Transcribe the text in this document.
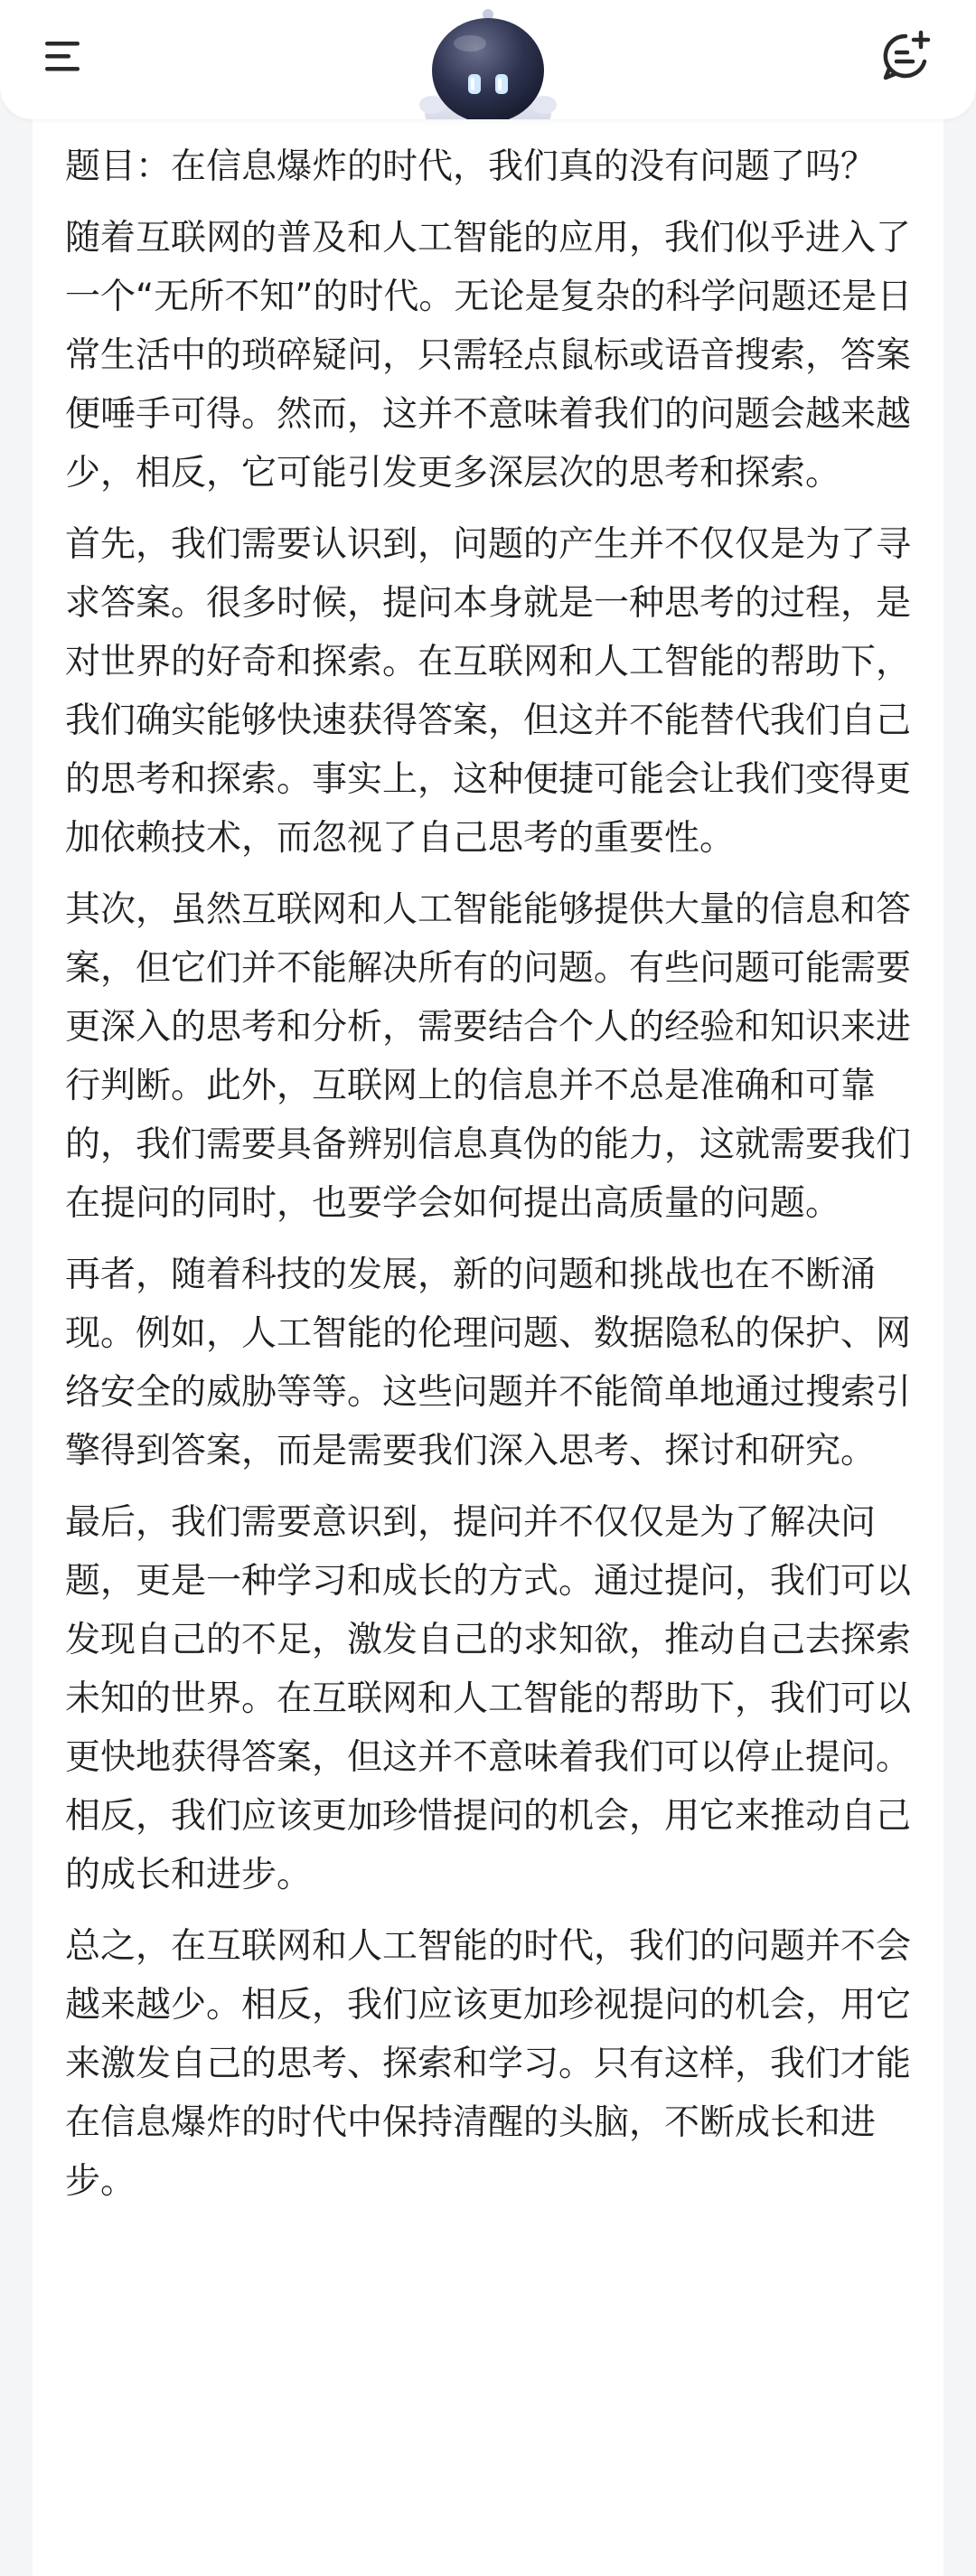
题目：在信息爆炸的时代，我们真的没有问题了吗？

随着互联网的普及和人工智能的应用，我们似乎进入了一个“无所不知”的时代。无论是复杂的科学问题还是日常生活中的琐碎疑问，只需轻点鼠标或语音搜索，答案便唾手可得。然而，这并不意味着我们的问题会越来越少，相反，它可能引发更多深层次的思考和探索。

首先，我们需要认识到，问题的产生并不仅仅是为了寻求答案。很多时候，提问本身就是一种思考的过程，是对世界的好奇和探索。在互联网和人工智能的帮助下，我们确实能够快速获得答案，但这并不能替代我们自己的思考和探索。事实上，这种便捷可能会让我们变得更加依赖技术，而忽视了自己思考的重要性。

其次，虽然互联网和人工智能能够提供大量的信息和答案，但它们并不能解决所有的问题。有些问题可能需要更深入的思考和分析，需要结合个人的经验和知识来进行判断。此外，互联网上的信息并不总是准确和可靠的，我们需要具备辨别信息真伪的能力，这就需要我们在提问的同时，也要学会如何提出高质量的问题。

再者，随着科技的发展，新的问题和挑战也在不断涌现。例如，人工智能的伦理问题、数据隐私的保护、网络安全的威胁等等。这些问题并不能简单地通过搜索引擎得到答案，而是需要我们深入思考、探讨和研究。

最后，我们需要意识到，提问并不仅仅是为了解决问题，更是一种学习和成长的方式。通过提问，我们可以发现自己的不足，激发自己的求知欲，推动自己去探索未知的世界。在互联网和人工智能的帮助下，我们可以更快地获得答案，但这并不意味着我们可以停止提问。相反，我们应该更加珍惜提问的机会，用它来推动自己的成长和进步。

总之，在互联网和人工智能的时代，我们的问题并不会越来越少。相反，我们应该更加珍视提问的机会，用它来激发自己的思考、探索和学习。只有这样，我们才能在信息爆炸的时代中保持清醒的头脑，不断成长和进步。
